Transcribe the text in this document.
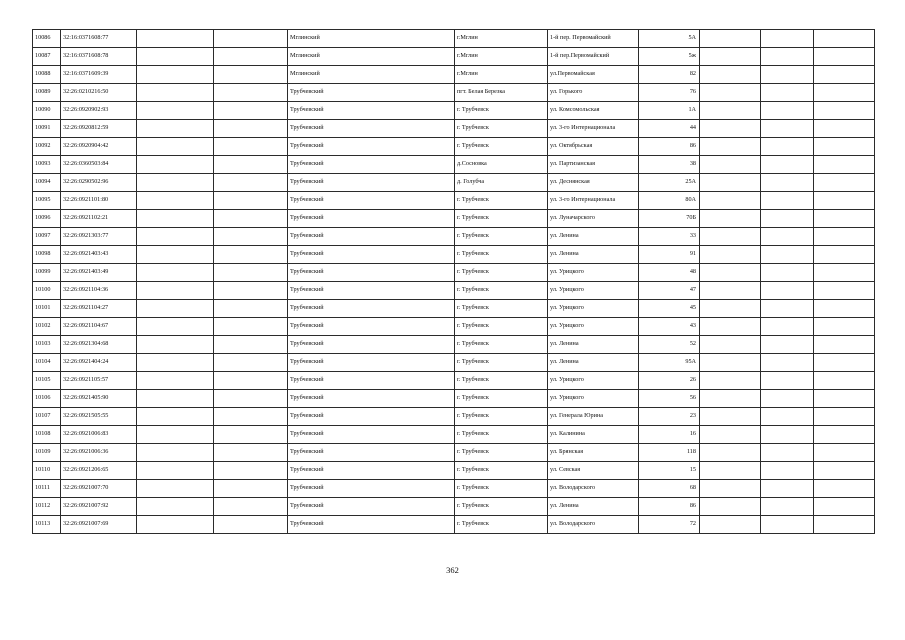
10086	32:16:0371608:77			Мглинский	г.Мглин	1-й пер. Первомайский	5А			
10087	32:16:0371608:78			Мглинский	г.Мглин	1-й пер.Первомайский	5ж			
10088	32:16:0371609:39			Мглинский	г.Мглин	ул.Первомайская	82			
10089	32:26:0210216:50			Трубчевский	пгт. Белая Березка	ул. Горького	76			
10090	32:26:0920902:93			Трубчевский	г. Трубчевск	ул. Комсомольская	1А			
10091	32:26:0920812:59			Трубчевский	г. Трубчевск	ул. 3-го Интернационала	44			
10092	32:26:0920904:42			Трубчевский	г. Трубчевск	ул. Октябрьская	86			
10093	32:26:0360503:84			Трубчевский	д.Сосновка	ул. Партизанская	38			
10094	32:26:0290502:96			Трубчевский	д. Голубча	ул. Деснянская	25А			
10095	32:26:0921101:80			Трубчевский	г. Трубчевск	ул. 3-го Интернационала	80А			
10096	32:26:0921102:21			Трубчевский	г. Трубчевск	ул. Луначарского	70Б			
10097	32:26:0921303:77			Трубчевский	г. Трубчевск	ул. Ленина	33			
10098	32:26:0921403:43			Трубчевский	г. Трубчевск	ул. Ленина	91			
10099	32:26:0921403:49			Трубчевский	г. Трубчевск	ул. Урицкого	48			
10100	32:26:0921104:36			Трубчевский	г. Трубчевск	ул. Урицкого	47			
10101	32:26:0921104:27			Трубчевский	г. Трубчевск	ул. Урицкого	45			
10102	32:26:0921104:67			Трубчевский	г. Трубчевск	ул. Урицкого	43			
10103	32:26:0921304:68			Трубчевский	г. Трубчевск	ул. Ленина	52			
10104	32:26:0921404:24			Трубчевский	г. Трубчевск	ул. Ленина	95А			
10105	32:26:0921105:57			Трубчевский	г. Трубчевск	ул. Урицкого	26			
10106	32:26:0921405:90			Трубчевский	г. Трубчевск	ул. Урицкого	56			
10107	32:26:0921505:55			Трубчевский	г. Трубчевск	ул. Генерала Юрина	23			
10108	32:26:0921006:83			Трубчевский	г. Трубчевск	ул. Калинина	16			
10109	32:26:0921006:36			Трубчевский	г. Трубчевск	ул. Брянская	118			
10110	32:26:0921206:65			Трубчевский	г. Трубчевск	ул. Севская	15			
10111	32:26:0921007:70			Трубчевский	г. Трубчевск	ул. Володарского	68			
10112	32:26:0921007:92			Трубчевский	г. Трубчевск	ул. Ленина	86			
10113	32:26:0921007:69			Трубчевский	г. Трубчевск	ул. Володарского	72			
362
